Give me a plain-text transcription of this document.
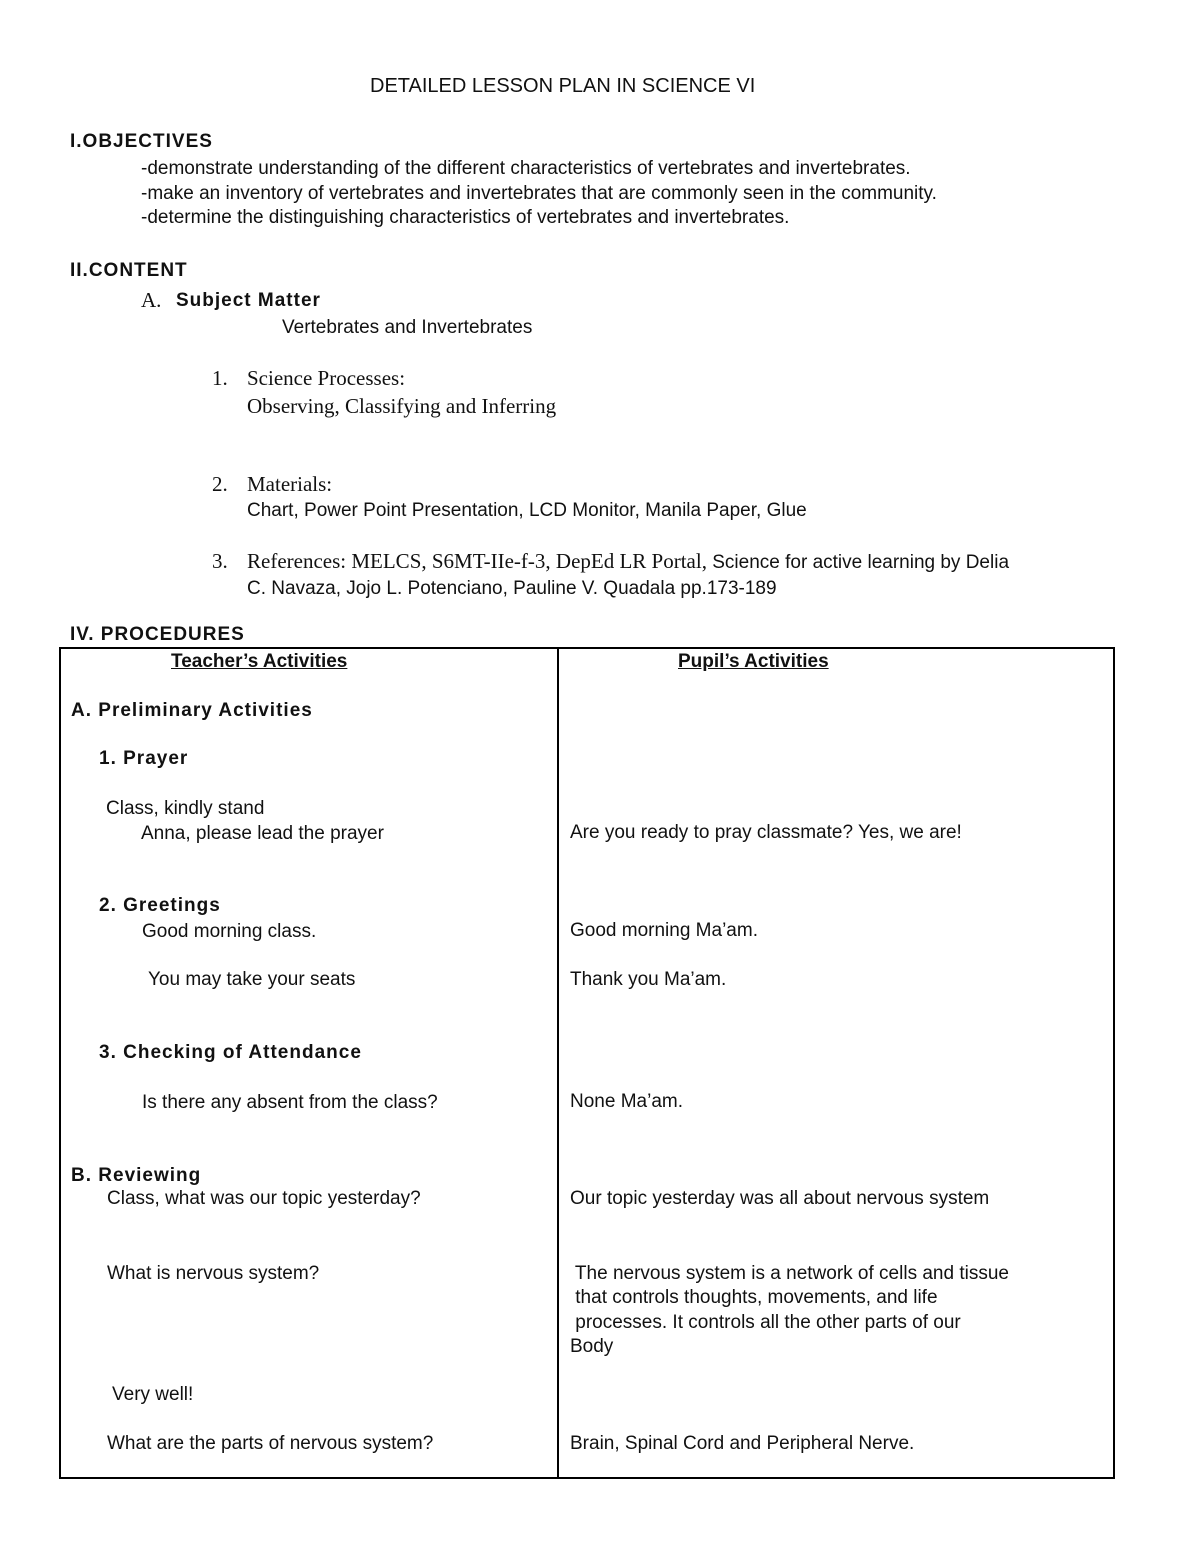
DETAILED LESSON PLAN IN SCIENCE VI
I.OBJECTIVES
-demonstrate understanding of the different characteristics of vertebrates and invertebrates.
-make an inventory of vertebrates and invertebrates that are commonly seen in the community.
-determine the distinguishing characteristics of vertebrates and invertebrates.
II.CONTENT
A. Subject Matter
Vertebrates and Invertebrates
1. Science Processes:
Observing, Classifying and Inferring
2. Materials:
Chart, Power Point Presentation, LCD Monitor, Manila Paper, Glue
3. References: MELCS, S6MT-IIe-f-3, DepEd LR Portal, Science for active learning by Delia
C. Navaza, Jojo L. Potenciano, Pauline V. Quadala pp.173-189
IV. PROCEDURES
Teacher’s Activities	Pupil’s Activities
A. Preliminary Activities
1. Prayer
Class, kindly stand
Anna, please lead the prayer	Are you ready to pray classmate? Yes, we are!
2. Greetings
Good morning class.	Good morning Ma’am.
You may take your seats	Thank you Ma’am.
3. Checking of Attendance
Is there any absent from the class?	None Ma’am.
B. Reviewing
Class, what was our topic yesterday?	Our topic yesterday was all about nervous system
What is nervous system?	The nervous system is a network of cells and tissue
that controls thoughts, movements, and life
processes. It controls all the other parts of our
Body
Very well!
What are the parts of nervous system?	Brain, Spinal Cord and Peripheral Nerve.
